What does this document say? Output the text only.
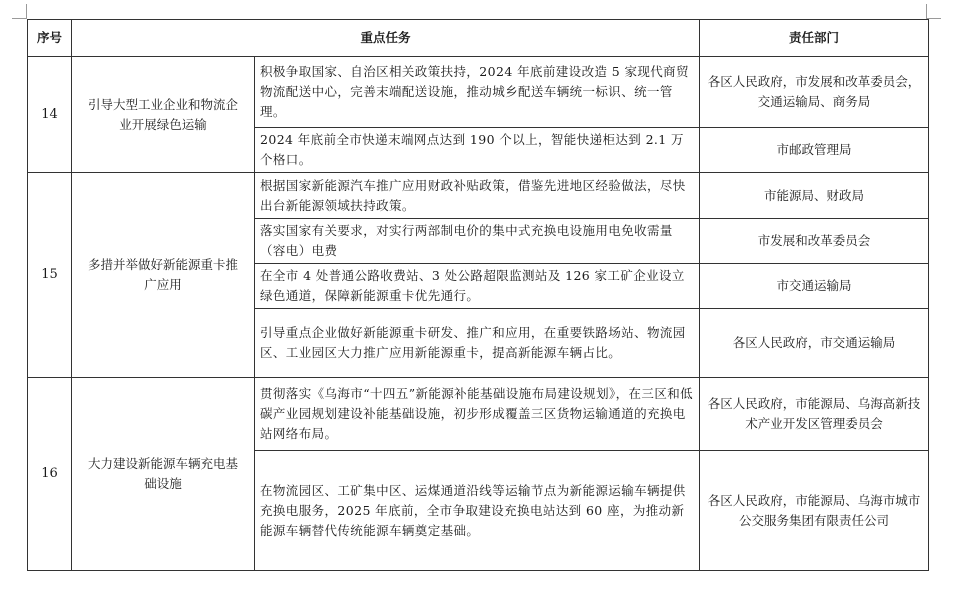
序号	重点任务		责任部门
14	引导大型工业企业和物流企业开展绿色运输	积极争取国家、自治区相关政策扶持，2024 年底前建设改造 5 家现代商贸物流配送中心，完善末端配送设施，推动城乡配送车辆统一标识、统一管理。	各区人民政府，市发展和改革委员会，交通运输局、商务局
		2024 年底前全市快递末端网点达到 190 个以上，智能快递柜达到 2.1 万个格口。	市邮政管理局
15	多措并举做好新能源重卡推广应用	根据国家新能源汽车推广应用财政补贴政策，借鉴先进地区经验做法，尽快出台新能源领域扶持政策。	市能源局、财政局
		落实国家有关要求，对实行两部制电价的集中式充换电设施用电免收需量（容电）电费	市发展和改革委员会
		在全市 4 处普通公路收费站、3 处公路超限监测站及 126 家工矿企业设立绿色通道，保障新能源重卡优先通行。	市交通运输局
		引导重点企业做好新能源重卡研发、推广和应用，在重要铁路场站、物流园区、工业园区大力推广应用新能源重卡，提高新能源车辆占比。	各区人民政府，市交通运输局
16	大力建设新能源车辆充电基础设施	贯彻落实《乌海市“十四五”新能源补能基础设施布局建设规划》，在三区和低碳产业园规划建设补能基础设施，初步形成覆盖三区货物运输通道的充换电站网络布局。	各区人民政府，市能源局、乌海高新技术产业开发区管理委员会
		在物流园区、工矿集中区、运煤通道沿线等运输节点为新能源运输车辆提供充换电服务，2025 年底前，全市争取建设充换电站达到 60 座，为推动新能源车辆替代传统能源车辆奠定基础。	各区人民政府，市能源局、乌海市城市公交服务集团有限责任公司
